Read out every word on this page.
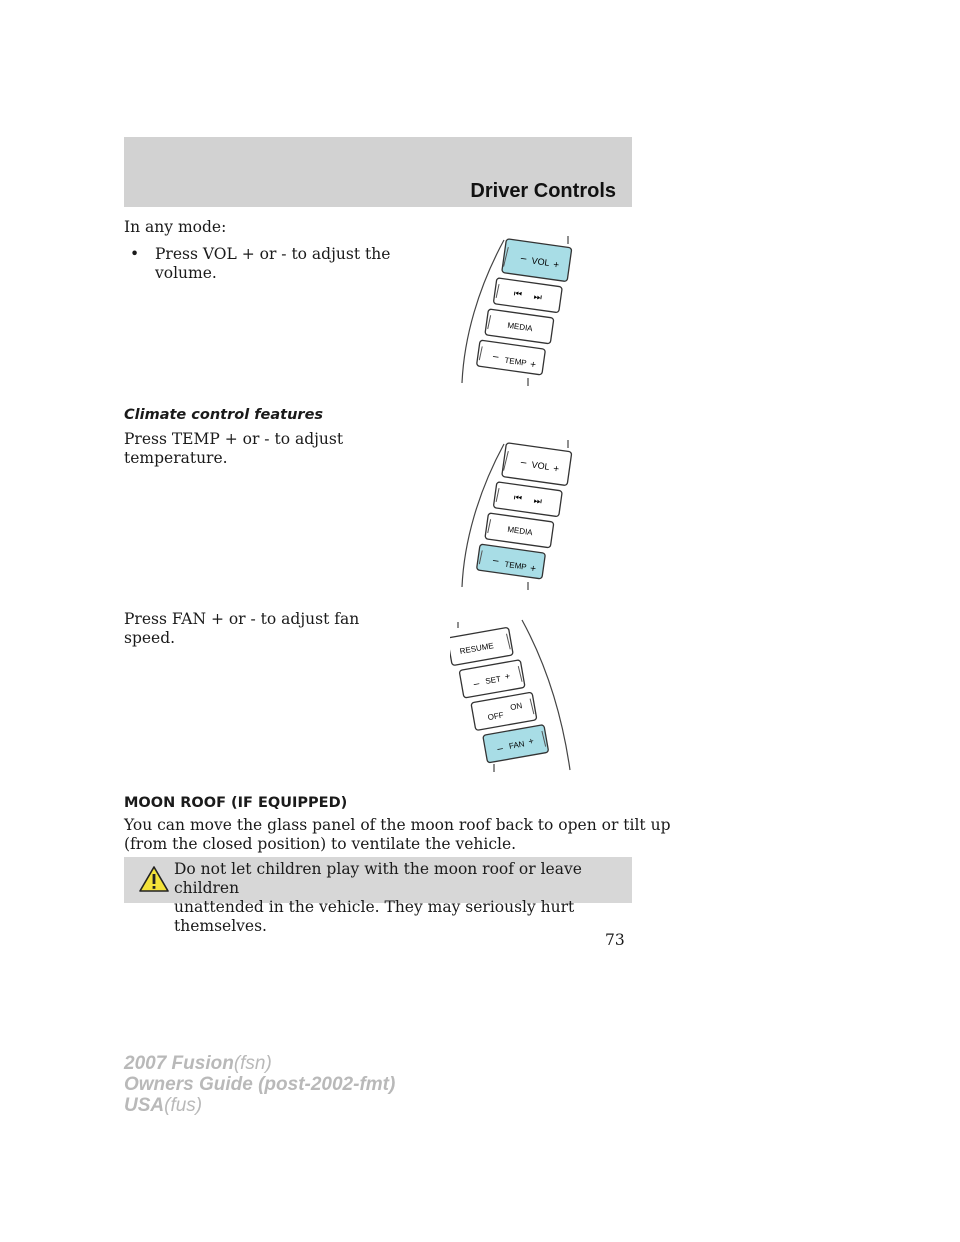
Driver Controls
In any mode:
• Press VOL + or - to adjust the
volume.
– VOL +
⏮ ⏭
MEDIA
– TEMP +
Climate control features
Press TEMP + or - to adjust
temperature.	– VOL +
⏮ ⏭
MEDIA
– TEMP +
Press FAN + or - to adjust fan
speed.
RESUME
– SET +
OFF
ON
– FAN +
MOON ROOF (IF EQUIPPED)
You can move the glass panel of the moon roof back to open or tilt up
(from the closed position) to ventilate the vehicle.
Do not let children play with the moon roof or leave children
unattended in the vehicle. They may seriously hurt themselves.
73
2007 Fusion(fsn)
Owners Guide (post-2002-fmt)
USA(fus)
